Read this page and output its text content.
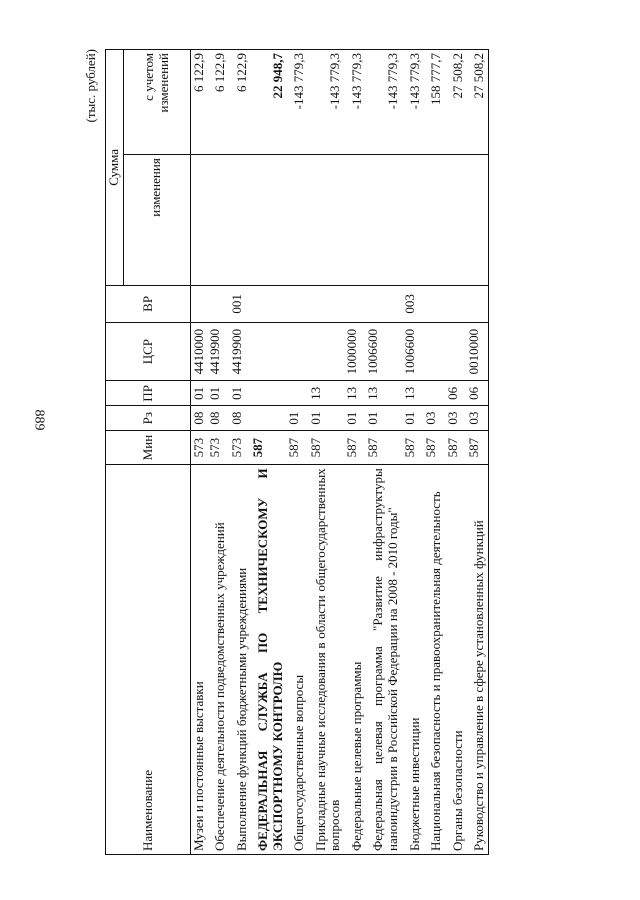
889
(тыс. рублей)
Наименование	Мин	Рз	ПР	ЦСР	ВР	Сумма	
						изменения	с учетом изменений
Музеи и постоянные выставки	573	08	01	4410000			6 122,9
Обеспечение деятельности подведомственных учреждений	573	08	01	4419900			6 122,9
Выполнение функций бюджетными учреждениями	573	08	01	4419900	001		6 122,9
ФЕДЕРАЛЬНАЯ СЛУЖБА ПО ТЕХНИЧЕСКОМУ И ЭКСПОРТНОМУ КОНТРОЛЮ	587						22 948,7
Общегосударственные вопросы	587	01					-143 779,3
Прикладные научные исследования в области общегосударственных вопросов	587	01	13				-143 779,3
Федеральные целевые программы	587	01	13	1000000			-143 779,3
Федеральная целевая программа "Развитие инфраструктуры наноиндустрии в Российской Федерации на 2008 - 2010 годы"	587	01	13	1006600			-143 779,3
Бюджетные инвестиции	587	01	13	1006600	003		-143 779,3
Национальная безопасность и правоохранительная деятельность	587	03					158 777,7
Органы безопасности	587	03	06				27 508,2
Руководство и управление в сфере установленных функций	587	03	06	0010000			27 508,2
